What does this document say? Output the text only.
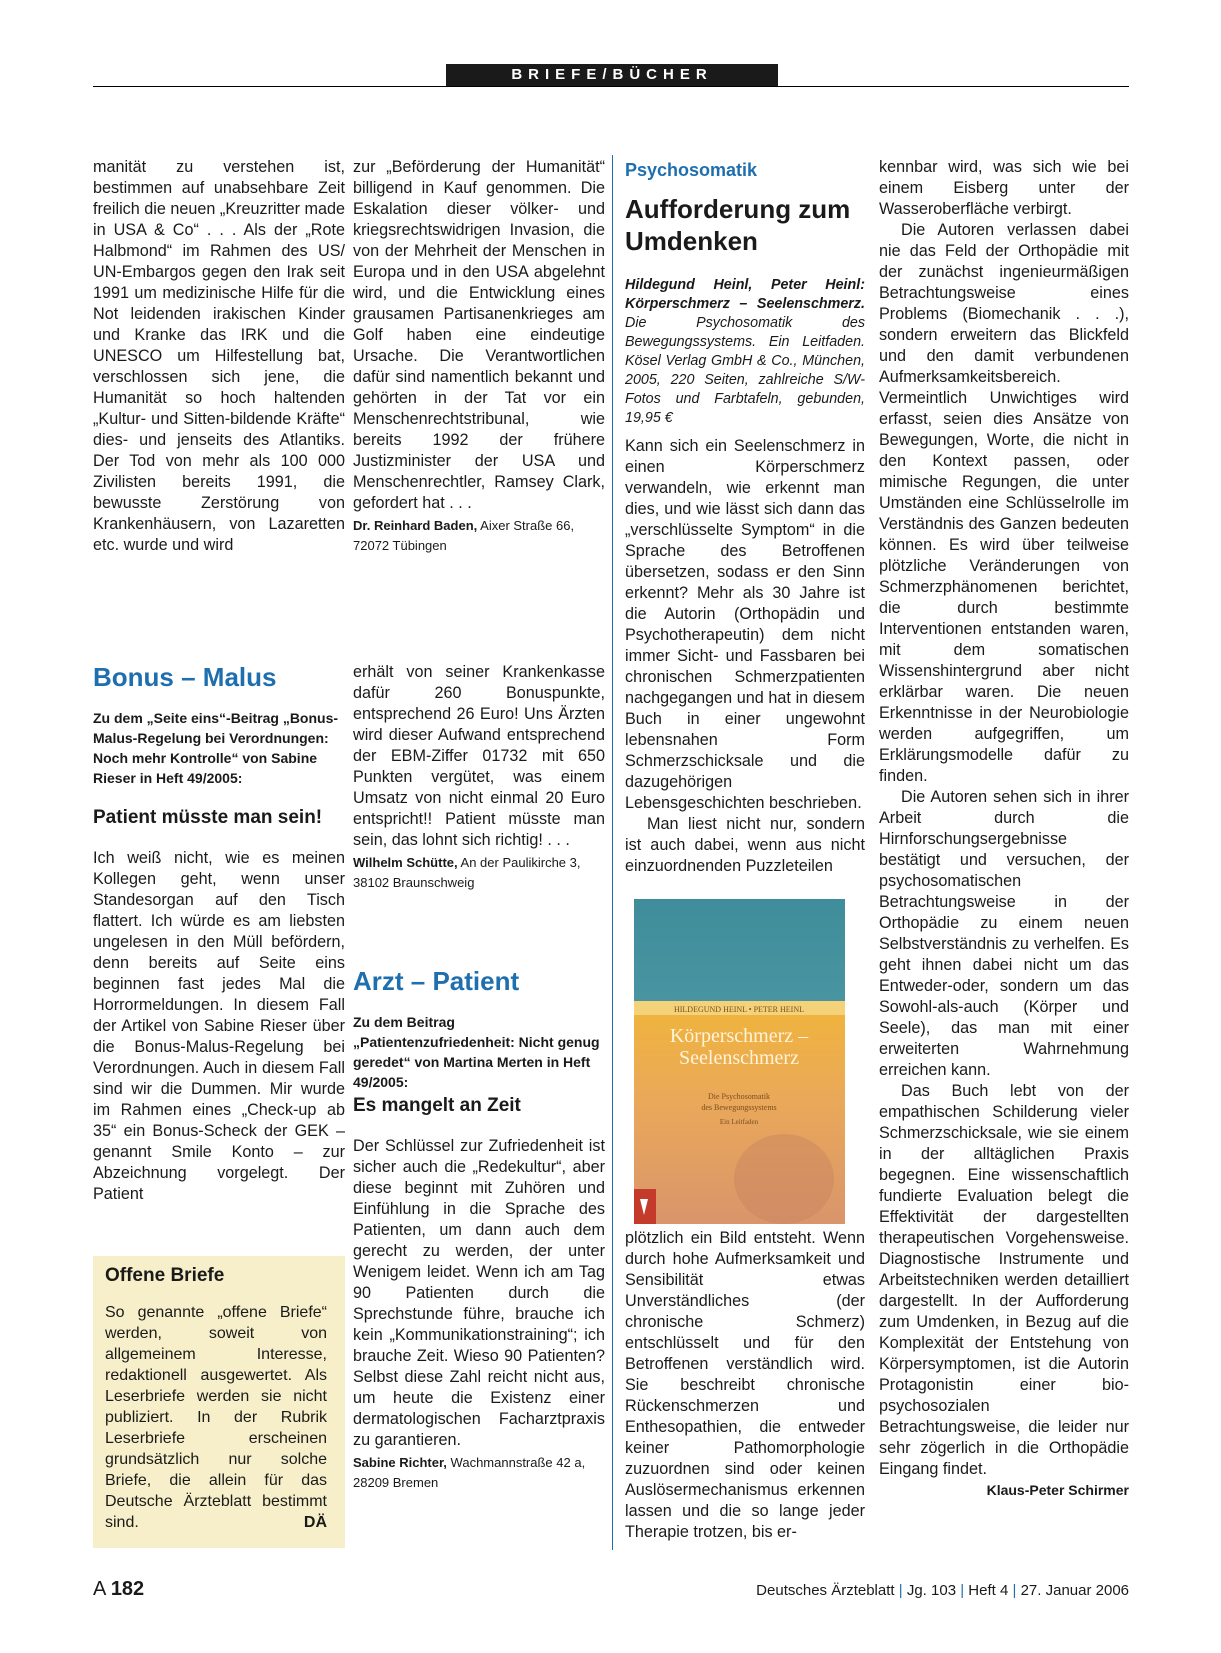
BRIEFE/BÜCHER

manität zu verstehen ist, bestimmen auf unabsehbare Zeit freilich die neuen „Kreuzritter made in USA & Co“ . . . Als der „Rote Halbmond“ im Rahmen des US/ UN-Embargos gegen den Irak seit 1991 um medizinische Hilfe für die Not leidenden irakischen Kinder und Kranke das IRK und die UNESCO um Hilfestellung bat, verschlossen sich jene, die Humanität so hoch haltenden „Kultur- und Sitten-bildende Kräfte“ dies- und jenseits des Atlantiks. Der Tod von mehr als 100 000 Zivilisten bereits 1991, die bewusste Zerstörung von Krankenhäusern, von Lazaretten etc. wurde und wird

zur „Beförderung der Humanität“ billigend in Kauf genommen. Die Eskalation dieser völker- und kriegsrechtswidrigen Invasion, die von der Mehrheit der Menschen in Europa und in den USA abgelehnt wird, und die Entwicklung eines grausamen Partisanenkrieges am Golf haben eine eindeutige Ursache. Die Verantwortlichen dafür sind namentlich bekannt und gehörten in der Tat vor ein Menschenrechtstribunal, wie bereits 1992 der frühere Justizminister der USA und Menschenrechtler, Ramsey Clark, gefordert hat . . .

Dr. Reinhard Baden, Aixer Straße 66, 72072 Tübingen
Bonus – Malus
Zu dem „Seite eins“-Beitrag „Bonus-Malus-Regelung bei Verordnungen: Noch mehr Kontrolle“ von Sabine Rieser in Heft 49/2005:
Patient müsste man sein!

Ich weiß nicht, wie es meinen Kollegen geht, wenn unser Standesorgan auf den Tisch flattert. Ich würde es am liebsten ungelesen in den Müll befördern, denn bereits auf Seite eins beginnen fast jedes Mal die Horrormeldungen. In diesem Fall der Artikel von Sabine Rieser über die Bonus-Malus-Regelung bei Verordnungen. Auch in diesem Fall sind wir die Dummen. Mir wurde im Rahmen eines „Check-up ab 35“ ein Bonus-Scheck der GEK – genannt Smile Konto – zur Abzeichnung vorgelegt. Der Patient

erhält von seiner Krankenkasse dafür 260 Bonuspunkte, entsprechend 26 Euro! Uns Ärzten wird dieser Aufwand entsprechend der EBM-Ziffer 01732 mit 650 Punkten vergütet, was einem Umsatz von nicht einmal 20 Euro entspricht!! Patient müsste man sein, das lohnt sich richtig! . . .

Wilhelm Schütte, An der Paulikirche 3, 38102 Braunschweig
Offene Briefe
So genannte „offene Briefe“ werden, soweit von allgemeinem Interesse, redaktionell ausgewertet. Als Leserbriefe werden sie nicht publiziert. In der Rubrik Leserbriefe erscheinen grundsätzlich nur solche Briefe, die allein für das Deutsche Ärzteblatt bestimmt sind.	DÄ
Arzt – Patient
Zu dem Beitrag „Patientenzufriedenheit: Nicht genug geredet“ von Martina Merten in Heft 49/2005:
Es mangelt an Zeit

Der Schlüssel zur Zufriedenheit ist sicher auch die „Redekultur“, aber diese beginnt mit Zuhören und Einfühlung in die Sprache des Patienten, um dann auch dem gerecht zu werden, der unter Wenigem leidet. Wenn ich am Tag 90 Patienten durch die Sprechstunde führe, brauche ich kein „Kommunikationstraining“; ich brauche Zeit. Wieso 90 Patienten? Selbst diese Zahl reicht nicht aus, um heute die Existenz einer dermatologischen Facharztpraxis zu garantieren.

Sabine Richter, Wachmannstraße 42 a, 28209 Bremen
Psychosomatik
Aufforderung zum Umdenken
Hildegund Heinl, Peter Heinl: Körperschmerz – Seelenschmerz. Die Psychosomatik des Bewegungssystems. Ein Leitfaden. Kösel Verlag GmbH & Co., München, 2005, 220 Seiten, zahlreiche S/W-Fotos und Farbtafeln, gebunden, 19,95 €

Kann sich ein Seelenschmerz in einen Körperschmerz verwandeln, wie erkennt man dies, und wie lässt sich dann das „verschlüsselte Symptom“ in die Sprache des Betroffenen übersetzen, sodass er den Sinn erkennt? Mehr als 30 Jahre ist die Autorin (Orthopädin und Psychotherapeutin) dem nicht immer Sicht- und Fassbaren bei chronischen Schmerzpatienten nachgegangen und hat in diesem Buch in einer ungewohnt lebensnahen Form Schmerzschicksale und die dazugehörigen Lebensgeschichten beschrieben.

Man liest nicht nur, sondern ist auch dabei, wenn aus nicht einzuordnenden Puzzleteilen

HILDEGUND HEINL • PETER HEINL
Körperschmerz –
Seelenschmerz
Die Psychosomatik
des Bewegungssystems
Ein Leitfaden

plötzlich ein Bild entsteht. Wenn durch hohe Aufmerksamkeit und Sensibilität etwas Unverständliches (der chronische Schmerz) entschlüsselt und für den Betroffenen verständlich wird. Sie beschreibt chronische Rückenschmerzen und Enthesopathien, die entweder keiner Pathomorphologie zuzuordnen sind oder keinen Auslösermechanismus erkennen lassen und die so lange jeder Therapie trotzen, bis er-

kennbar wird, was sich wie bei einem Eisberg unter der Wasseroberfläche verbirgt.

Die Autoren verlassen dabei nie das Feld der Orthopädie mit der zunächst ingenieurmäßigen Betrachtungsweise eines Problems (Biomechanik . . .), sondern erweitern das Blickfeld und den damit verbundenen Aufmerksamkeitsbereich. Vermeintlich Unwichtiges wird erfasst, seien dies Ansätze von Bewegungen, Worte, die nicht in den Kontext passen, oder mimische Regungen, die unter Umständen eine Schlüsselrolle im Verständnis des Ganzen bedeuten können. Es wird über teilweise plötzliche Veränderungen von Schmerzphänomenen berichtet, die durch bestimmte Interventionen entstanden waren, mit dem somatischen Wissenshintergrund aber nicht erklärbar waren. Die neuen Erkenntnisse in der Neurobiologie werden aufgegriffen, um Erklärungsmodelle dafür zu finden.

Die Autoren sehen sich in ihrer Arbeit durch die Hirnforschungsergebnisse bestätigt und versuchen, der psychosomatischen Betrachtungsweise in der Orthopädie zu einem neuen Selbstverständnis zu verhelfen. Es geht ihnen dabei nicht um das Entweder-oder, sondern um das Sowohl-als-auch (Körper und Seele), das man mit einer erweiterten Wahrnehmung erreichen kann.

Das Buch lebt von der empathischen Schilderung vieler Schmerzschicksale, wie sie einem in der alltäglichen Praxis begegnen. Eine wissenschaftlich fundierte Evaluation belegt die Effektivität der dargestellten therapeutischen Vorgehensweise. Diagnostische Instrumente und Arbeitstechniken werden detailliert dargestellt. In der Aufforderung zum Umdenken, in Bezug auf die Komplexität der Entstehung von Körpersymptomen, ist die Autorin Protagonistin einer bio-psychosozialen Betrachtungsweise, die leider nur sehr zögerlich in die Orthopädie Eingang findet.

Klaus-Peter Schirmer
A 182	Deutsches Ärzteblatt | Jg. 103 | Heft 4 | 27. Januar 2006
